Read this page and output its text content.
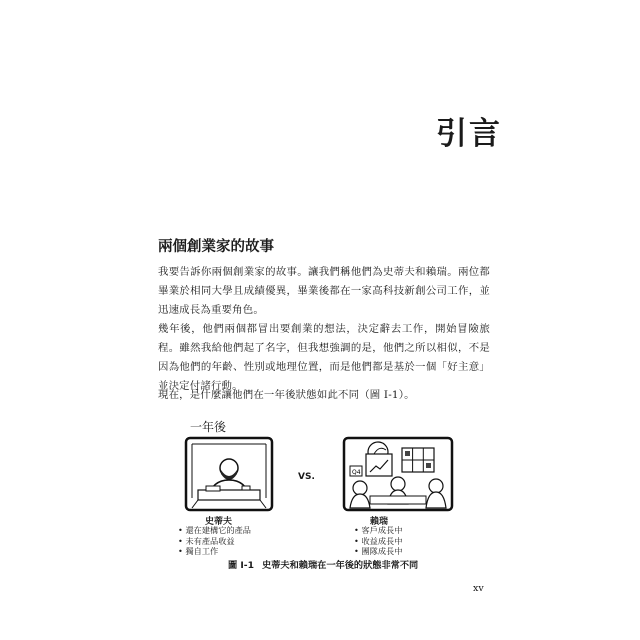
引言
兩個創業家的故事

我要告訴你兩個創業家的故事。讓我們稱他們為史蒂夫和賴瑞。兩位都畢業於相同大學且成績優異，畢業後都在一家高科技新創公司工作，並迅速成長為重要角色。

幾年後，他們兩個都冒出要創業的想法，決定辭去工作，開始冒險旅程。雖然我給他們起了名字，但我想強調的是，他們之所以相似，不是因為他們的年齡、性別或地理位置，而是他們都是基於一個「好主意」並決定付諸行動。

現在，是什麼讓他們在一年後狀態如此不同（圖 I-1）。

一年後
VS.	Q4
史蒂夫
• 還在建構它的產品
• 未有產品收益
• 獨自工作
賴瑞
• 客戶成長中
• 收益成長中
• 團隊成長中
圖 I-1 史蒂夫和賴瑞在一年後的狀態非常不同
xv
